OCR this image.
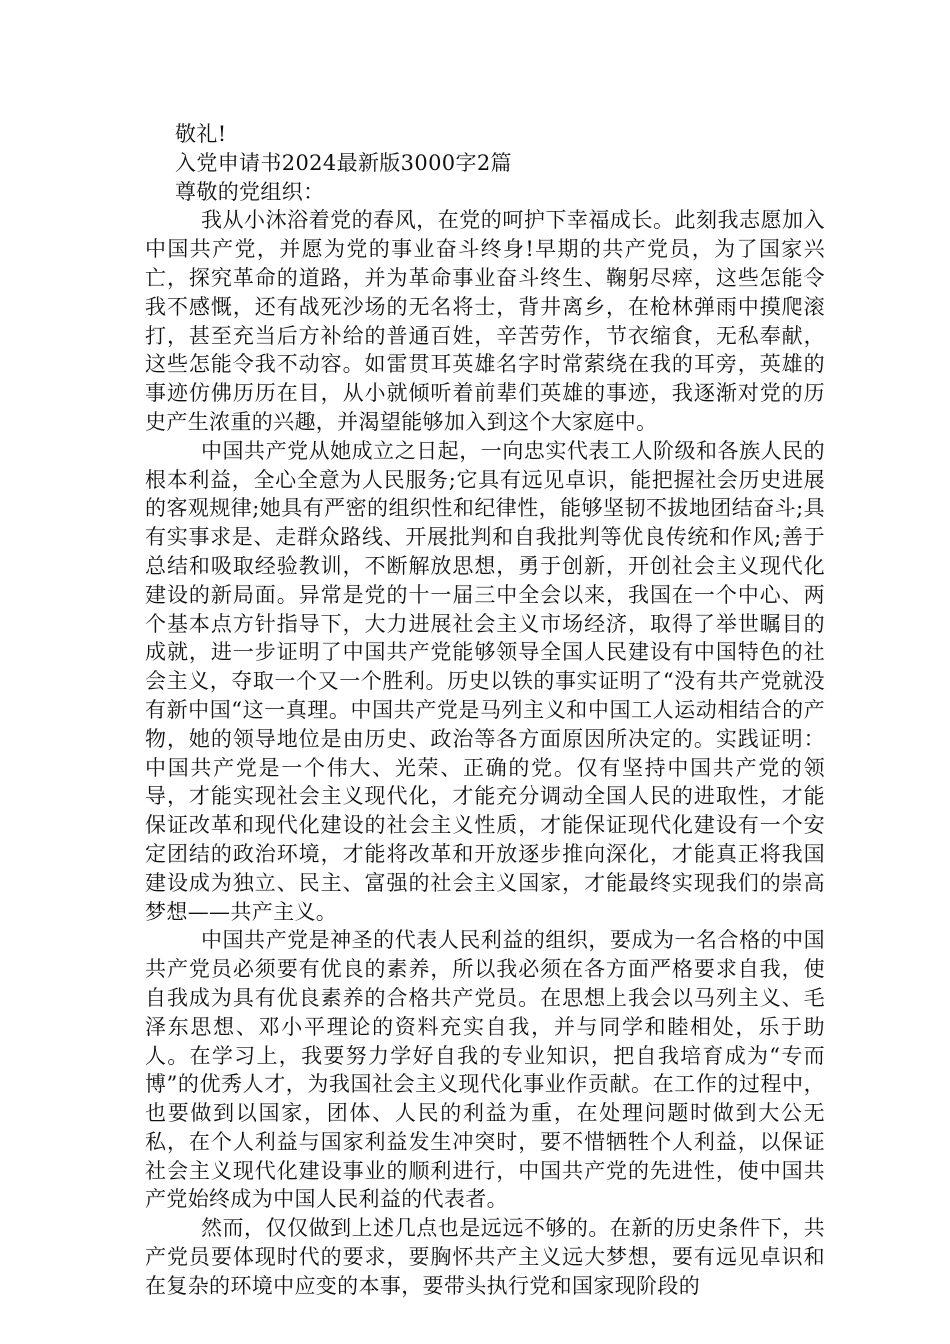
敬礼!

入党申请书2024最新版3000字2篇

尊敬的党组织：

我从小沐浴着党的春风，在党的呵护下幸福成长。此刻我志愿加入中国共产党，并愿为党的事业奋斗终身!早期的共产党员，为了国家兴亡，探究革命的道路，并为革命事业奋斗终生、鞠躬尽瘁，这些怎能令我不感慨，还有战死沙场的无名将士，背井离乡，在枪林弹雨中摸爬滚打，甚至充当后方补给的普通百姓，辛苦劳作，节衣缩食，无私奉献，这些怎能令我不动容。如雷贯耳英雄名字时常萦绕在我的耳旁，英雄的事迹仿佛历历在目，从小就倾听着前辈们英雄的事迹，我逐渐对党的历史产生浓重的兴趣，并渴望能够加入到这个大家庭中。

中国共产党从她成立之日起，一向忠实代表工人阶级和各族人民的根本利益，全心全意为人民服务;它具有远见卓识，能把握社会历史进展的客观规律;她具有严密的组织性和纪律性，能够坚韧不拔地团结奋斗;具有实事求是、走群众路线、开展批判和自我批判等优良传统和作风;善于总结和吸取经验教训，不断解放思想，勇于创新，开创社会主义现代化建设的新局面。异常是党的十一届三中全会以来，我国在一个中心、两个基本点方针指导下，大力进展社会主义市场经济，取得了举世瞩目的成就，进一步证明了中国共产党能够领导全国人民建设有中国特色的社会主义，夺取一个又一个胜利。历史以铁的事实证明了“没有共产党就没有新中国“这一真理。中国共产党是马列主义和中国工人运动相结合的产物，她的领导地位是由历史、政治等各方面原因所决定的。实践证明：中国共产党是一个伟大、光荣、正确的党。仅有坚持中国共产党的领导，才能实现社会主义现代化，才能充分调动全国人民的进取性，才能保证改革和现代化建设的社会主义性质，才能保证现代化建设有一个安定团结的政治环境，才能将改革和开放逐步推向深化，才能真正将我国建设成为独立、民主、富强的社会主义国家，才能最终实现我们的崇高梦想——共产主义。

中国共产党是神圣的代表人民利益的组织，要成为一名合格的中国共产党员必须要有优良的素养，所以我必须在各方面严格要求自我，使自我成为具有优良素养的合格共产党员。在思想上我会以马列主义、毛泽东思想、邓小平理论的资料充实自我，并与同学和睦相处，乐于助人。在学习上，我要努力学好自我的专业知识，把自我培育成为“专而博”的优秀人才，为我国社会主义现代化事业作贡献。在工作的过程中，也要做到以国家，团体、人民的利益为重，在处理问题时做到大公无私，在个人利益与国家利益发生冲突时，要不惜牺牲个人利益，以保证社会主义现代化建设事业的顺利进行，中国共产党的先进性，使中国共产党始终成为中国人民利益的代表者。

然而，仅仅做到上述几点也是远远不够的。在新的历史条件下，共产党员要体现时代的要求，要胸怀共产主义远大梦想，要有远见卓识和在复杂的环境中应变的本事，要带头执行党和国家现阶段的
